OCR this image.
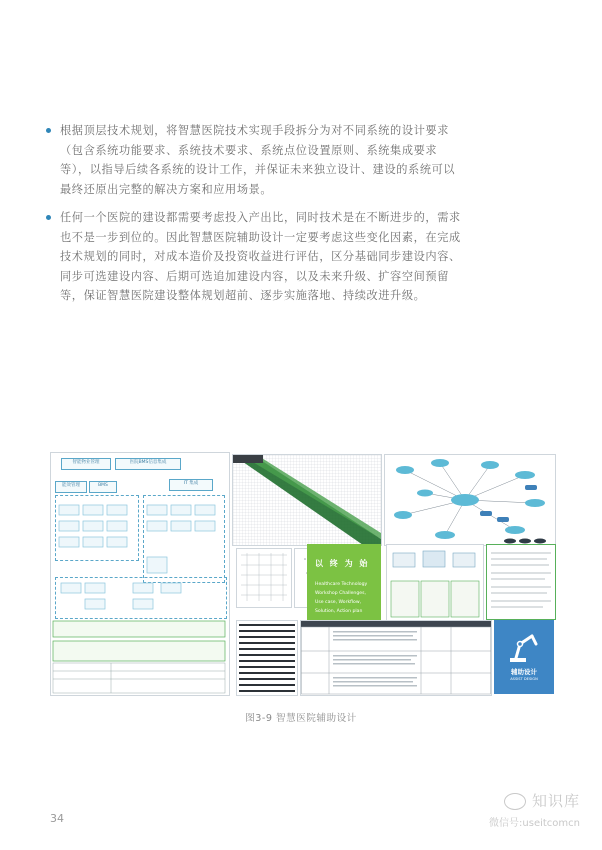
根据顶层技术规划，将智慧医院技术实现手段拆分为对不同系统的设计要求
（包含系统功能要求、系统技术要求、系统点位设置原则、系统集成要求
等），以指导后续各系统的设计工作，并保证未来独立设计、建设的系统可以
最终还原出完整的解决方案和应用场景。
任何一个医院的建设都需要考虑投入产出比，同时技术是在不断进步的，需求
也不是一步到位的。因此智慧医院辅助设计一定要考虑这些变化因素，在完成
技术规划的同时，对成本造价及投资收益进行评估，区分基础同步建设内容、
同步可选建设内容、后期可选追加建设内容，以及未来升级、扩容空间预留
等，保证智慧医院建设整体规划超前、逐步实施落地、持续改进升级。
智能物业管理	医院BMS信息集成
能效管理	BMS	IT 集成
以 终 为 始
Healthcare Technology
Workshop Challenges,
Use case, Workflow,
Solution, Action plan
辅助设计
ASSIST DESIGN
图3-9 智慧医院辅助设计
34
知识库
微信号:useitcomcn
